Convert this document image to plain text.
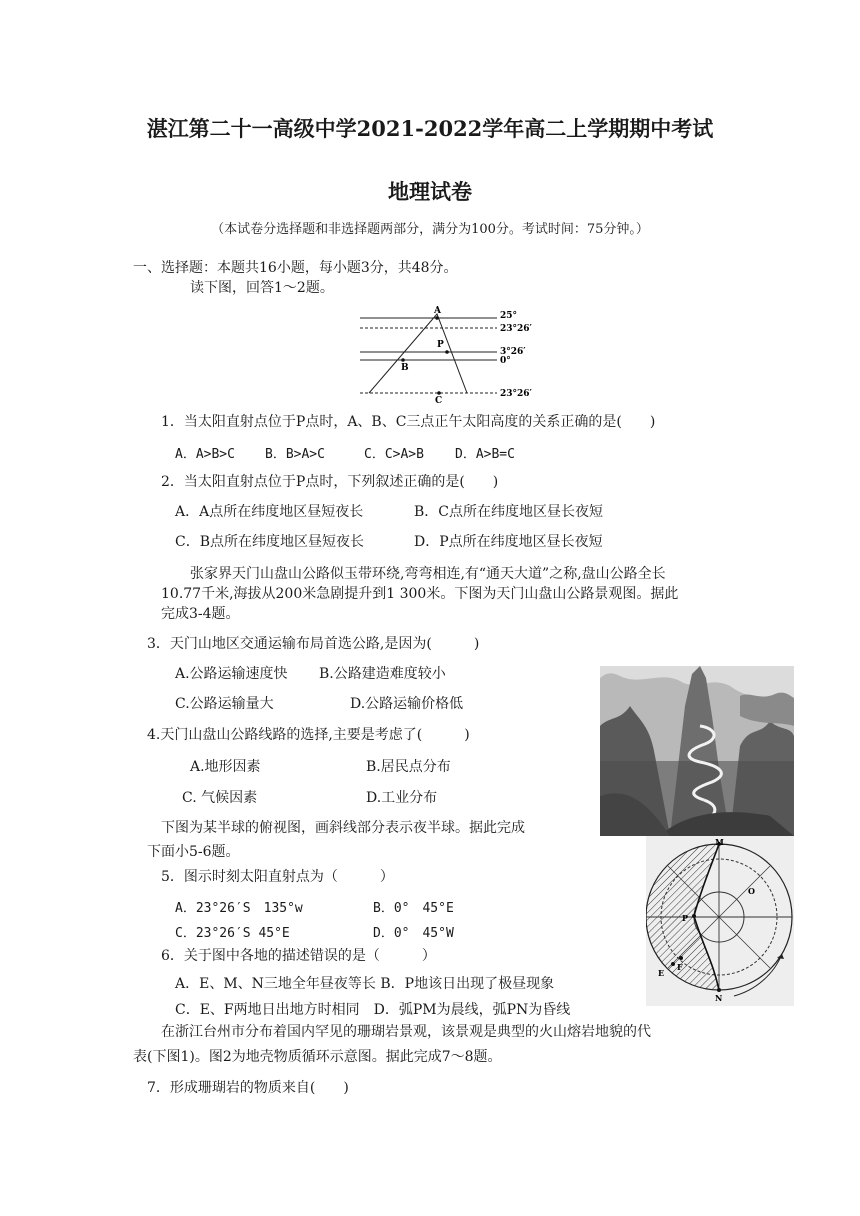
湛江第二十一高级中学2021-2022学年高二上学期期中考试
地理试卷
（本试卷分选择题和非选择题两部分，满分为100分。考试时间：75分钟。）
一、选择题：本题共16小题，每小题3分，共48分。
读下图，回答1～2题。
A
P
B
C
25°
23°26′
3°26′
0°
23°26′
1．当太阳直射点位于P点时，A、B、C三点正午太阳高度的关系正确的是(　　)
A．A>B>C B．B>A>C	C．C>A>B D．A>B=C
2．当太阳直射点位于P点时，下列叙述正确的是(　　)
A．A点所在纬度地区昼短夜长	B．C点所在纬度地区昼长夜短
C．B点所在纬度地区昼短夜长	D．P点所在纬度地区昼长夜短
张家界天门山盘山公路似玉带环绕,弯弯相连,有“通天大道”之称,盘山公路全长
10.77千米,海拔从200米急剧提升到1 300米。下图为天门山盘山公路景观图。据此
完成3-4题。
3．天门山地区交通运输布局首选公路,是因为(　　　)
A.公路运输速度快 B.公路建造难度较小
C.公路运输量大	D.公路运输价格低
4.天门山盘山公路线路的选择,主要是考虑了(　　　)
A.地形因素	B.居民点分布
C. 气候因素	D.工业分布
下图为某半球的俯视图，画斜线部分表示夜半球。据此完成
下面小5-6题。
5．图示时刻太阳直射点为（　　　）
A．23°26′S　135°w	B．0°　45°E
C．23°26′S 45°E	D．0°　45°W
6．关于图中各地的描述错误的是（　　　）
A．E、M、N三地全年昼夜等长 B．P地该日出现了极昼现象
C．E、F两地日出地方时相同　D．弧PM为晨线，弧PN为昏线
M
N
O
P
E
F
在浙江台州市分布着国内罕见的珊瑚岩景观，该景观是典型的火山熔岩地貌的代
表(下图1)。图2为地壳物质循环示意图。据此完成7～8题。
7．形成珊瑚岩的物质来自(　　)
